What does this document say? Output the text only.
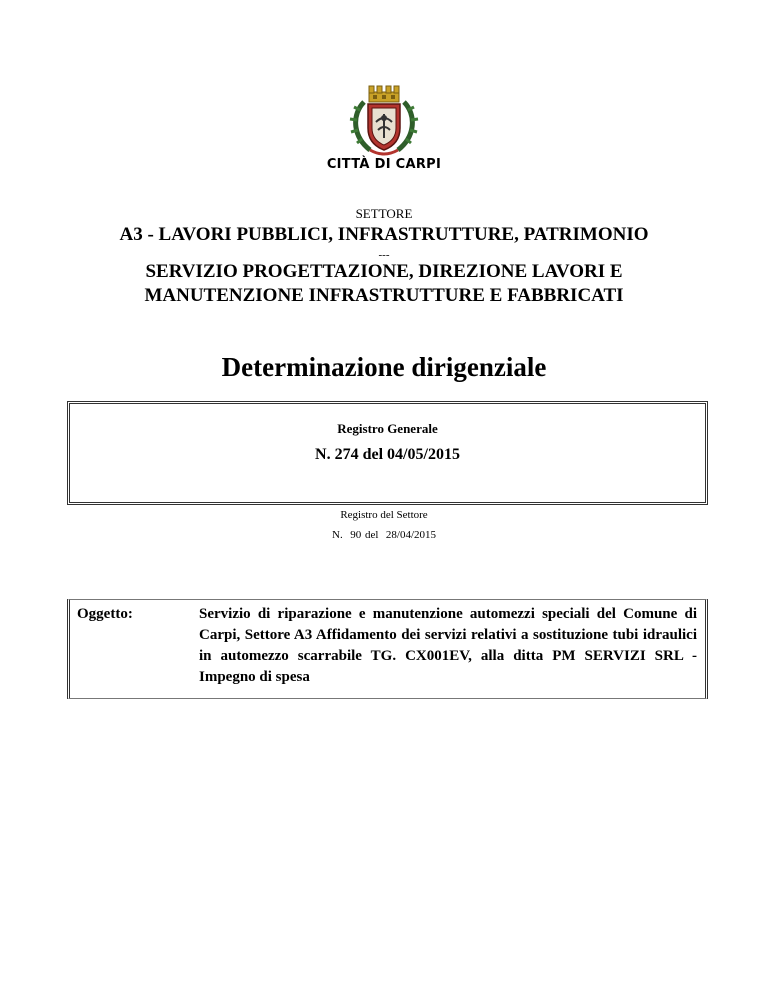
CITTÀ DI CARPI
SETTORE
A3 - LAVORI PUBBLICI, INFRASTRUTTURE, PATRIMONIO
---
SERVIZIO PROGETTAZIONE, DIREZIONE LAVORI E
MANUTENZIONE INFRASTRUTTURE E FABBRICATI
Determinazione dirigenziale
Registro Generale
N. 274 del 04/05/2015
Registro del Settore
N.  90 del  28/04/2015
Oggetto:	Servizio di riparazione e manutenzione automezzi speciali del Comune di Carpi, Settore A3 Affidamento dei servizi relativi a sostituzione tubi idraulici in automezzo scarrabile TG. CX001EV, alla ditta PM SERVIZI SRL - Impegno di spesa
